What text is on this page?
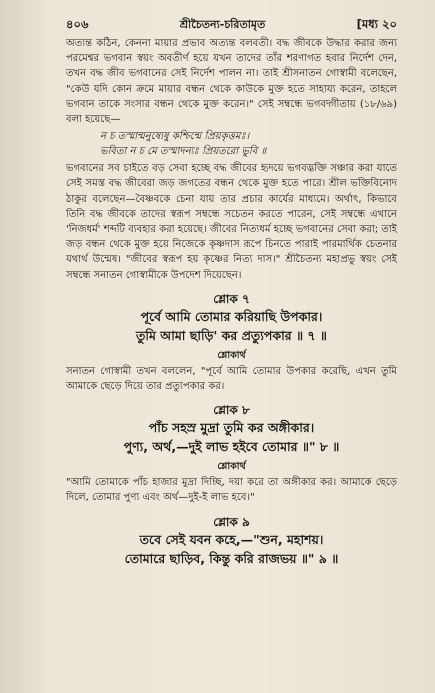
৪০৬	শ্রীচৈতন্য-চরিতামৃত	[মধ্য ২০

অত্যন্ত কঠিন, কেননা মায়ার প্রভাব অত্যন্ত বলবতী। বদ্ধ জীবকে উদ্ধার করার জন্য পরমেশ্বর ভগবান স্বয়ং অবতীর্ণ হয়ে যখন তাদের তাঁর শরণাগত হবার নির্দেশ দেন, তখন বদ্ধ জীব ভগবানের সেই নির্দেশ পালন না। তাই শ্রীসনাতন গোস্বামী বলেছেন, "কেউ যদি কোন ক্রমে মায়ার বন্ধন থেকে কাউকে মুক্ত হতে সাহায্য করেন, তাহলে ভগবান তাকে সংসার বন্ধন থেকে মুক্ত করেন।" সেই সম্বন্ধে ভগবদ্গীতায় (১৮/৬৯) বলা হয়েছে—

ন চ তস্মান্মনুষ্যেষু কশ্চিন্মে প্রিয়কৃত্তমঃ।
ভবিতা ন চ মে তস্মাদন্যঃ প্রিয়তরো ভুবি ॥

ভগবানের সব চাইতে বড় সেবা হচ্ছে বদ্ধ জীবের হৃদয়ে ভগবদ্ভক্তি সঞ্চার করা যাতে সেই সমস্ত বদ্ধ জীবেরা জড় জগতের বন্ধন থেকে মুক্ত হতে পারে। শ্রীল ভক্তিবিনোদ ঠাকুর বলেছেন—বৈষ্ণবকে চেনা যায় তার প্রচার কার্যের মাধ্যমে। অর্থাৎ, কিভাবে তিনি বদ্ধ জীবকে তাদের স্বরূপ সম্বন্ধে সচেতন করতে পারেন, সেই সম্বন্ধে এখানে 'নিজধর্ম' শব্দটি ব্যবহার করা হয়েছে। জীবের নিত্যধর্ম হচ্ছে ভগবানের সেবা করা; তাই জড় বন্ধন থেকে মুক্ত হয়ে নিজেকে কৃষ্ণদাস রূপে চিনতে পারাই পারমার্থিক চেতনার যথার্থ উন্মেষ। "জীবের স্বরূপ হয় কৃষ্ণের নিত্য দাস।" শ্রীচৈতন্য মহাপ্রভু স্বয়ং সেই সম্বন্ধে সনাতন গোস্বামীকে উপদেশ দিয়েছেন।

শ্লোক ৭
পূর্বে আমি তোমার করিয়াছি উপকার।
তুমি আমা ছাড়ি' কর প্রত্যুপকার ॥ ৭ ॥
শ্লোকার্থ

সনাতন গোস্বামী তখন বললেন, "পূর্বে আমি তোমার উপকার করেছি, এখন তুমি আমাকে ছেড়ে দিয়ে তার প্রত্যুপকার কর।

শ্লোক ৮
পাঁচ সহস্র মুদ্রা তুমি কর অঙ্গীকার।
পুণ্য, অর্থ,—দুই লাভ হইবে তোমার ॥" ৮ ॥
শ্লোকার্থ

"আমি তোমাকে পাঁচ হাজার মুদ্রা দিচ্ছি, দয়া করে তা অঙ্গীকার কর। আমাকে ছেড়ে দিলে, তোমার পুণ্য এবং অর্থ—দুই-ই লাভ হবে।"

শ্লোক ৯
তবে সেই যবন কহে,—"শুন, মহাশয়।
তোমারে ছাড়িব, কিন্তু করি রাজভয় ॥" ৯ ॥
